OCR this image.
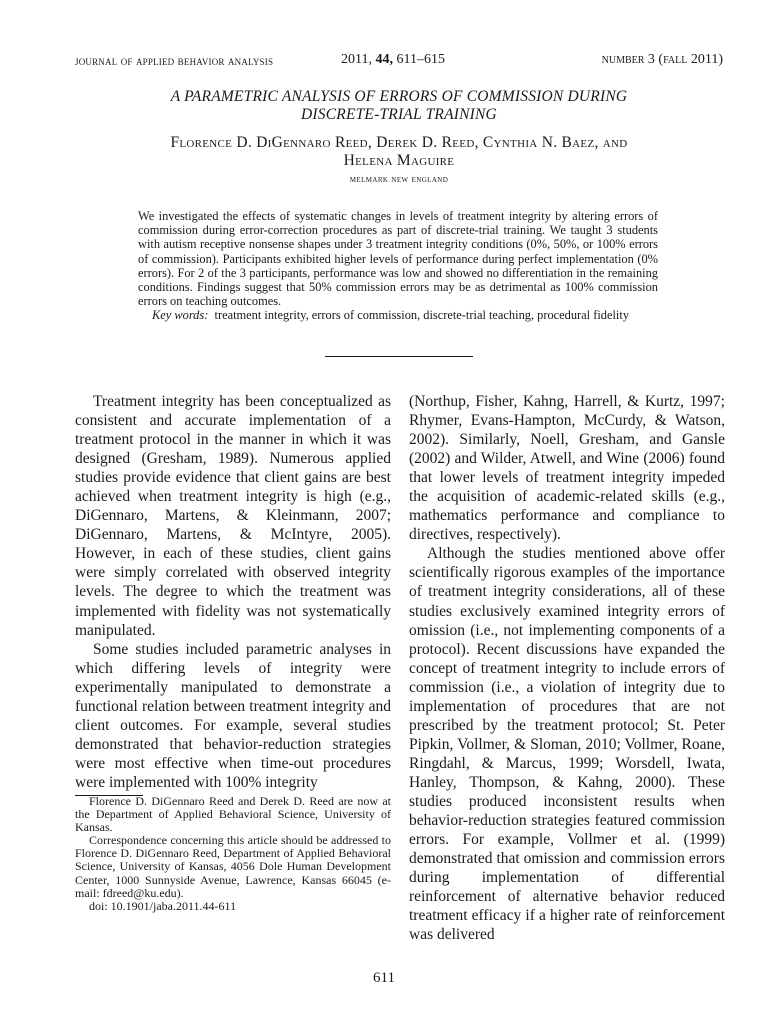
journal of applied behavior analysis	2011, 44, 611–615	number 3 (fall 2011)
A PARAMETRIC ANALYSIS OF ERRORS OF COMMISSION DURING
DISCRETE-TRIAL TRAINING
Florence D. DiGennaro Reed, Derek D. Reed, Cynthia N. Baez, and
Helena Maguire
melmark new england

We investigated the effects of systematic changes in levels of treatment integrity by altering errors of commission during error-correction procedures as part of discrete-trial training. We taught 3 students with autism receptive nonsense shapes under 3 treatment integrity conditions (0%, 50%, or 100% errors of commission). Participants exhibited higher levels of performance during perfect implementation (0% errors). For 2 of the 3 participants, performance was low and showed no differentiation in the remaining conditions. Findings suggest that 50% commission errors may be as detrimental as 100% commission errors on teaching outcomes.

Key words: treatment integrity, errors of commission, discrete-trial teaching, procedural fidelity

Treatment integrity has been conceptualized as consistent and accurate implementation of a treatment protocol in the manner in which it was designed (Gresham, 1989). Numerous applied studies provide evidence that client gains are best achieved when treatment integrity is high (e.g., DiGennaro, Martens, & Kleinmann, 2007; DiGennaro, Martens, & McIntyre, 2005). However, in each of these studies, client gains were simply correlated with observed integrity levels. The degree to which the treatment was implemented with fidelity was not systematically manipulated.

Some studies included parametric analyses in which differing levels of integrity were experimentally manipulated to demonstrate a functional relation between treatment integrity and client outcomes. For example, several studies demonstrated that behavior-reduction strategies were most effective when time-out procedures were implemented with 100% integrity

(Northup, Fisher, Kahng, Harrell, & Kurtz, 1997; Rhymer, Evans-Hampton, McCurdy, & Watson, 2002). Similarly, Noell, Gresham, and Gansle (2002) and Wilder, Atwell, and Wine (2006) found that lower levels of treatment integrity impeded the acquisition of academic-related skills (e.g., mathematics performance and compliance to directives, respectively).

Although the studies mentioned above offer scientifically rigorous examples of the importance of treatment integrity considerations, all of these studies exclusively examined integrity errors of omission (i.e., not implementing components of a protocol). Recent discussions have expanded the concept of treatment integrity to include errors of commission (i.e., a violation of integrity due to implementation of procedures that are not prescribed by the treatment protocol; St. Peter Pipkin, Vollmer, & Sloman, 2010; Vollmer, Roane, Ringdahl, & Marcus, 1999; Worsdell, Iwata, Hanley, Thompson, & Kahng, 2000). These studies produced inconsistent results when behavior-reduction strategies featured commission errors. For example, Vollmer et al. (1999) demonstrated that omission and commission errors during implementation of differential reinforcement of alternative behavior reduced treatment efficacy if a higher rate of reinforcement was delivered

Florence D. DiGennaro Reed and Derek D. Reed are now at the Department of Applied Behavioral Science, University of Kansas.

Correspondence concerning this article should be addressed to Florence D. DiGennaro Reed, Department of Applied Behavioral Science, University of Kansas, 4056 Dole Human Development Center, 1000 Sunnyside Avenue, Lawrence, Kansas 66045 (e-mail: fdreed@ku.edu).

doi: 10.1901/jaba.2011.44-611

611
